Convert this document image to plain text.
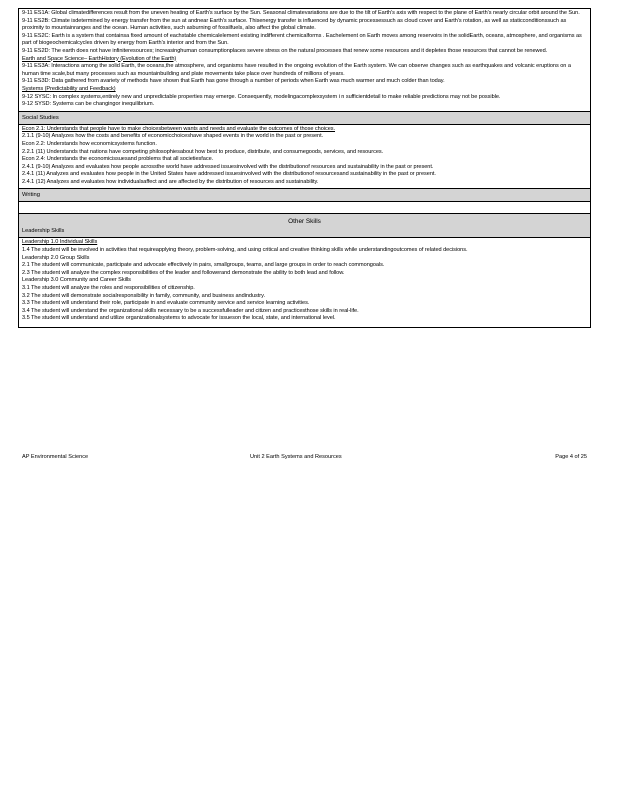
9-11 ES1A: Global climatedifferences result from the uneven heating of Earth's surface by the Sun. Seasonal climatevariations are due to the tilt of Earth's axis with respect to the plane of Earth's nearly circular orbit around the Sun.
9-11 ES2B: Climate isdetermined by energy transfer from the sun at andnear Earth's surface. Thisenergy transfer is influenced by dynamic processessuch as cloud cover and Earth's rotation, as well as staticconditionssuch as proximity to mountainranges and the ocean. Human activities, such asburning of fossilfuels, also affect the global climate.
9-11 ES2C: Earth is a system that containsa fixed amount of eachstable chemicalelement existing indifferent chemicalforms . Eachelement on Earth moves among reservoirs in the solidEarth, oceans, atmosphere, and organisms as part of biogeochemicalcycles driven by energy from Earth's interior and from the Sun.
9-11 ES2D: The earth does not have infiniteresources; increasinghuman consumptionplaces severe stress on the natural processes that renew some resources and it depletes those resources that cannot be renewed.
Earth and Space Science– EarthHistory (Evolution of the Earth)
9-11 ES3A: Interactions among the solid Earth, the oceans,the atmosphere, and organisms have resulted in the ongoing evolution of the Earth system. We can observe changes such as earthquakes and volcanic eruptions on a human time scale,but many processes such as mountainbuilding and plate movements take place over hundreds of millions of years.
9-11 ES3D: Data gathered from avariety of methods have shown that Earth has gone through a number of periods when Earth was much warmer and much colder than today.
Systems (Predictability and Feedback)
9-12 SYSC: In complex systems,entirely new and unpredictable properties may emerge. Consequently, modelingacomplexsystem i n sufficientdetail to make reliable predictions may not be possible.
9-12 SYSD: Systems can be changingor inequilibrium.
Social Studies
Econ 2.1: Understands that people have to make choicesbetween wants and needs and evaluate the outcomes of those choices.
2.1.1 (9-10) Analyzes how the costs and benefits of economicchoiceshave shaped events in the world in the past or present.
Econ 2.2: Understands how economicsystems function.
2.2.1 (11) Understands that nations have competing philosophiesabout how best to produce, distribute, and consumegoods, services, and resources.
Econ 2.4: Understands the economicissuesand problems that all societiesface.
2.4.1 (9-10) Analyzes and evaluates how people acrossthe world have addressed issuesinvolved with the distributionof resources and sustainability in the past or present.
2.4.1 (11) Analyzes and evaluates how people in the United States have addressed issuesinvolved with the distributionof resourcesand sustainability in the past or present.
2.4.1 (12) Analyzes and evaluates how individualsaffect and are affected by the distribution of resources and sustainability.
Writing
Other Skills
Leadership Skills
Leadership 1.0 Individual Skills
1.4 The student will be involved in activities that requireapplying theory, problem-solving, and using critical and creative thinking skills while understandingoutcomes of related decisions.
Leadership 2.0 Group Skills
2.1 The student will communicate, participate and advocate effectively in pairs, smallgroups, teams, and large groups in order to reach commongoals.
2.3 The student will analyze the complex responsibilities of the leader and followerand demonstrate the ability to both lead and follow.
Leadership 3.0 Community and Career Skills
3.1 The student will analyze the roles and responsibilities of citizenship.
3.2 The student will demonstrate socialresponsibility in family, community, and business andindustry.
3.3 The student will understand their role, participate in and evaluate community service and service learning activities.
3.4 The student will understand the organizational skills necessary to be a successfulleader and citizen and practicesthose skills in real-life.
3.5 The student will understand and utilize organizationalsystems to advocate for issueson the local, state, and international level.
AP Environmental Science	Unit 2 Earth Systems and Resources	Page 4 of 25
